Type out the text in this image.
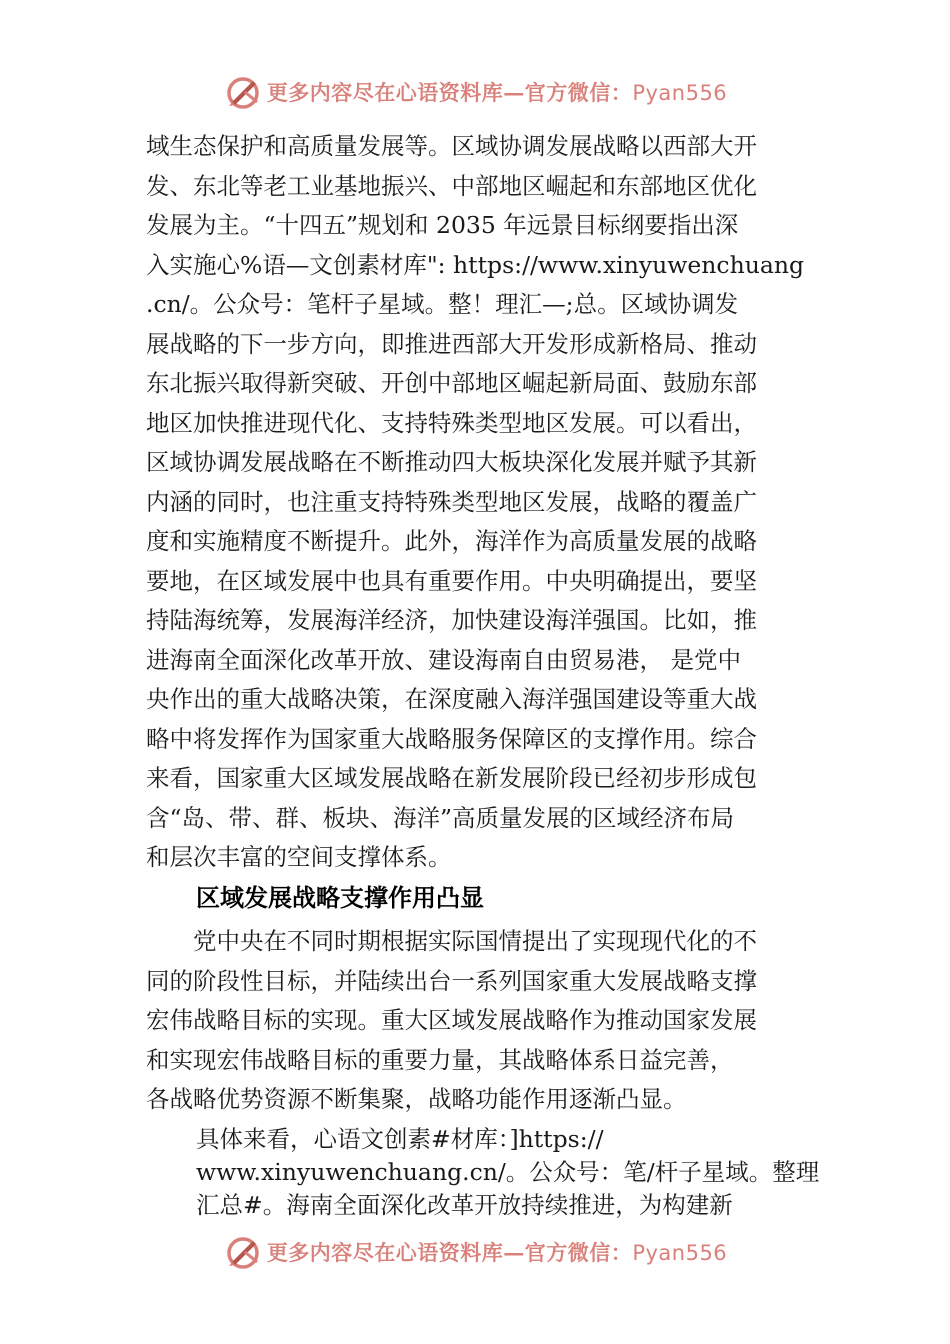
更多内容尽在心语资料库—官方微信：Pyan556
域生态保护和高质量发展等。区域协调发展战略以西部大开
发、东北等老工业基地振兴、中部地区崛起和东部地区优化
发展为主。“十四五”规划和 2035 年远景目标纲要指出深
入实施心%语—文创素材库": https://www.xinyuwenchuang
.cn/。公众号：笔杆子星域。整！理汇—;总。区域协调发
展战略的下一步方向，即推进西部大开发形成新格局、推动
东北振兴取得新突破、开创中部地区崛起新局面、鼓励东部
地区加快推进现代化、支持特殊类型地区发展。可以看出，
区域协调发展战略在不断推动四大板块深化发展并赋予其新
内涵的同时，也注重支持特殊类型地区发展，战略的覆盖广
度和实施精度不断提升。此外，海洋作为高质量发展的战略
要地，在区域发展中也具有重要作用。中央明确提出，要坚
持陆海统筹，发展海洋经济，加快建设海洋强国。比如，推
进海南全面深化改革开放、建设海南自由贸易港， 是党中
央作出的重大战略决策，在深度融入海洋强国建设等重大战
略中将发挥作为国家重大战略服务保障区的支撑作用。综合
来看，国家重大区域发展战略在新发展阶段已经初步形成包
含“岛、带、群、板块、海洋”高质量发展的区域经济布局
和层次丰富的空间支撑体系。
区域发展战略支撑作用凸显
　　党中央在不同时期根据实际国情提出了实现现代化的不
同的阶段性目标，并陆续出台一系列国家重大发展战略支撑
宏伟战略目标的实现。重大区域发展战略作为推动国家发展
和实现宏伟战略目标的重要力量，其战略体系日益完善，
各战略优势资源不断集聚，战略功能作用逐渐凸显。
具体来看，心语文创素#材库：]https://
www.xinyuwenchuang.cn/。公众号：笔/杆子星域。整理
汇总#。海南全面深化改革开放持续推进，为构建新
更多内容尽在心语资料库—官方微信：Pyan556
